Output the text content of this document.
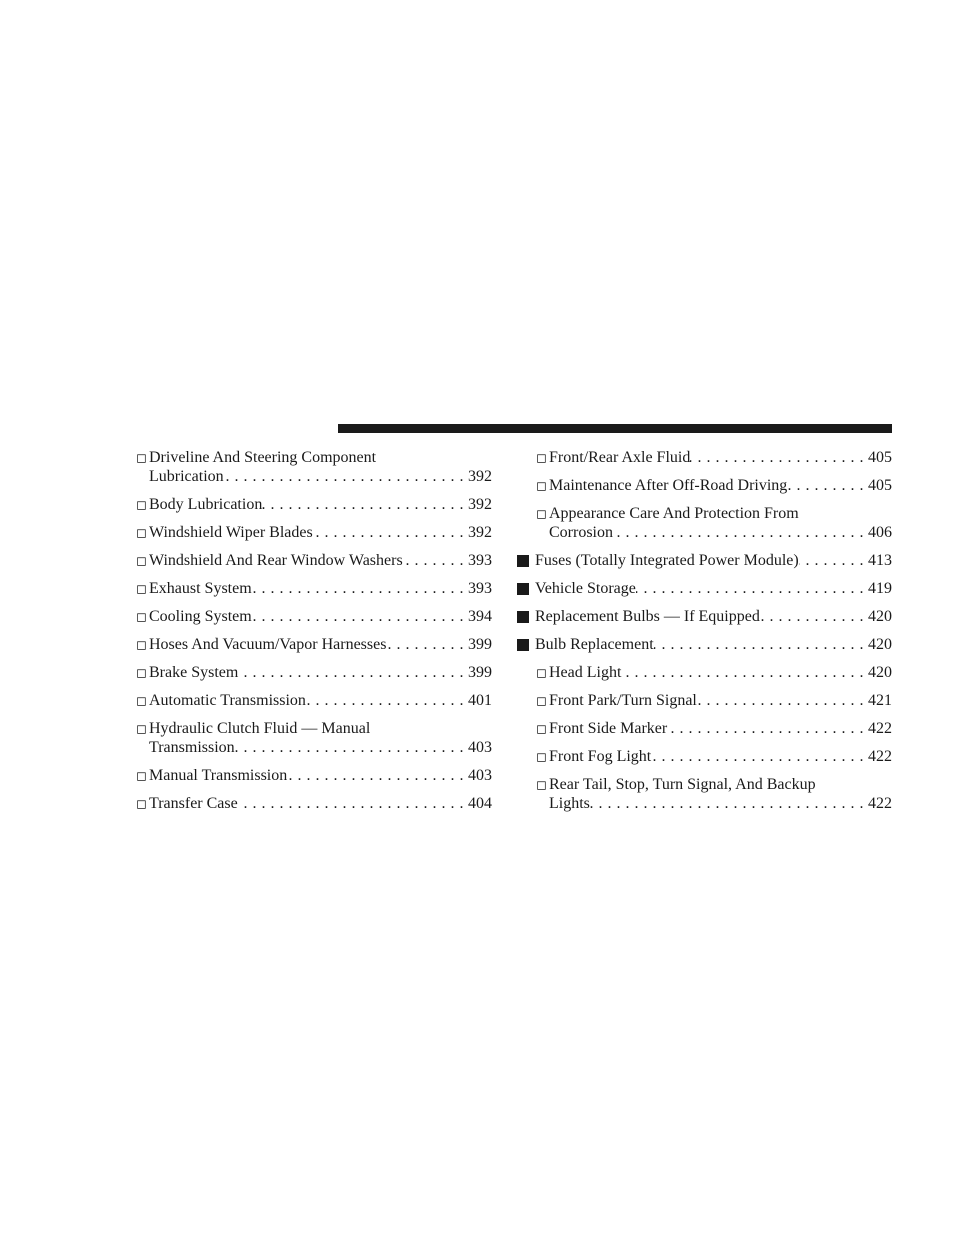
◻ Driveline And Steering Component
Lubrication . . .	392
◻ Body Lubrication . . .	392
◻ Windshield Wiper Blades . . .	392
◻ Windshield And Rear Window Washers . . .	393
◻ Exhaust System . . .	393
◻ Cooling System . . .	394
◻ Hoses And Vacuum/Vapor Harnesses . . .	399
◻ Brake System . . .	399
◻ Automatic Transmission . . .	401
◻ Hydraulic Clutch Fluid — Manual
Transmission . . .	403
◻ Manual Transmission . . .	403
◻ Transfer Case . . .	404
◻ Front/Rear Axle Fluid . . .	405
◻ Maintenance After Off-Road Driving . . .	405
◻ Appearance Care And Protection From
Corrosion . . .	406
Fuses (Totally Integrated Power Module) . . .	413
Vehicle Storage . . .	419
Replacement Bulbs — If Equipped . . .	420
Bulb Replacement . . .	420
◻ Head Light . . .	420
◻ Front Park/Turn Signal . . .	421
◻ Front Side Marker . . .	422
◻ Front Fog Light . . .	422
◻ Rear Tail, Stop, Turn Signal, And Backup
Lights . . .	422
